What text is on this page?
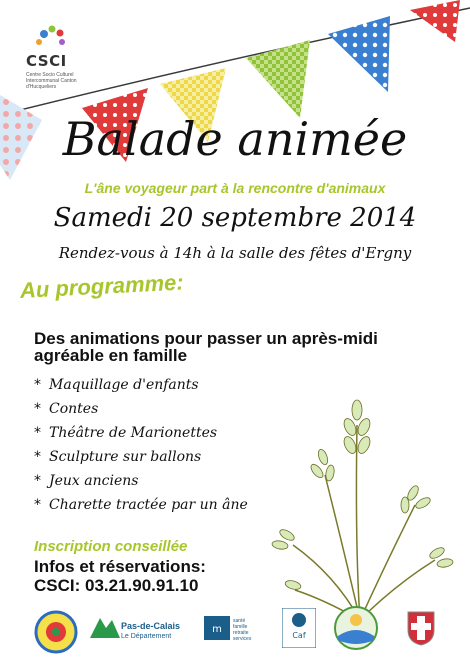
CSCI
Centre Socio Culturel Intercommunal Canton d'Hucqueliers
Balade animée
L'âne voyageur part à la rencontre d'animaux
Samedi 20 septembre 2014
Rendez-vous à 14h à la salle des fêtes d'Ergny
Au programme:
Des animations pour passer un après-midi agréable en famille
* Maquillage d'enfants
* Contes
* Théâtre de Marionettes
* Sculpture sur ballons
* Jeux anciens
* Charette tractée par un âne
Inscription conseillée
Infos et réservations:
CSCI: 03.21.90.91.10
Pas-de-Calais
Le Département
m
santé
famille
retraite
services	Caf
